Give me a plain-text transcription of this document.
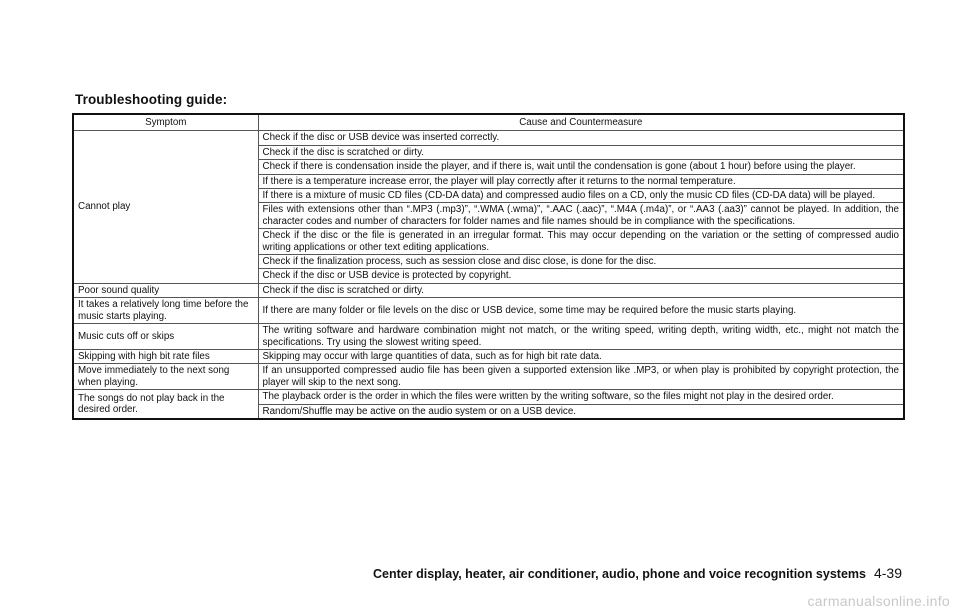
Troubleshooting guide:
Symptom	Cause and Countermeasure
Cannot play	Check if the disc or USB device was inserted correctly.
	Check if the disc is scratched or dirty.
	Check if there is condensation inside the player, and if there is, wait until the condensation is gone (about 1 hour) before using the player.
	If there is a temperature increase error, the player will play correctly after it returns to the normal temperature.
	If there is a mixture of music CD files (CD-DA data) and compressed audio files on a CD, only the music CD files (CD-DA data) will be played.
	Files with extensions other than “.MP3 (.mp3)”, “.WMA (.wma)”, “.AAC (.aac)”, “.M4A (.m4a)”, or “.AA3 (.aa3)” cannot be played. In addition, the character codes and number of characters for folder names and file names should be in compliance with the specifications.
	Check if the disc or the file is generated in an irregular format. This may occur depending on the variation or the setting of compressed audio writing applications or other text editing applications.
	Check if the finalization process, such as session close and disc close, is done for the disc.
	Check if the disc or USB device is protected by copyright.
Poor sound quality	Check if the disc is scratched or dirty.
It takes a relatively long time before the music starts playing.	If there are many folder or file levels on the disc or USB device, some time may be required before the music starts playing.
Music cuts off or skips	The writing software and hardware combination might not match, or the writing speed, writing depth, writing width, etc., might not match the specifications. Try using the slowest writing speed.
Skipping with high bit rate files	Skipping may occur with large quantities of data, such as for high bit rate data.
Move immediately to the next song when playing.	If an unsupported compressed audio file has been given a supported extension like .MP3, or when play is prohibited by copyright protection, the player will skip to the next song.
The songs do not play back in the desired order.	The playback order is the order in which the files were written by the writing software, so the files might not play in the desired order.
	Random/Shuffle may be active on the audio system or on a USB device.
Center display, heater, air conditioner, audio, phone and voice recognition systems 4-39
carmanualsonline.info
